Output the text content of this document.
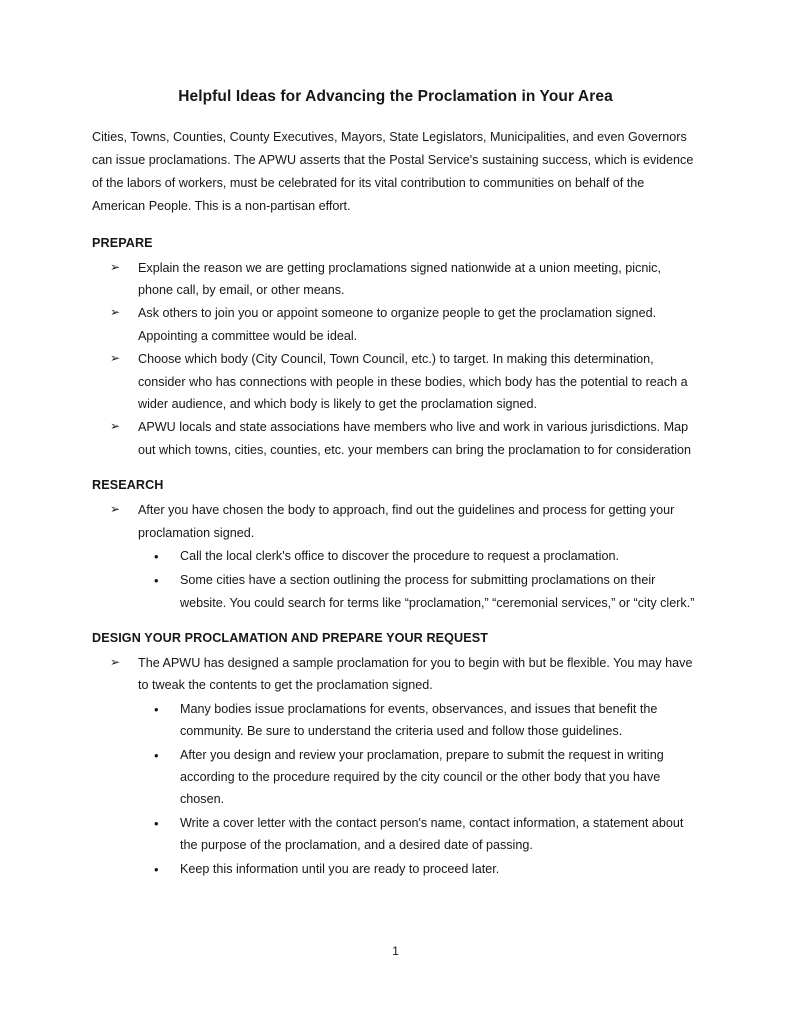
Helpful Ideas for Advancing the Proclamation in Your Area

Cities, Towns, Counties, County Executives, Mayors, State Legislators, Municipalities, and even Governors can issue proclamations. The APWU asserts that the Postal Service's sustaining success, which is evidence of the labors of workers, must be celebrated for its vital contribution to communities on behalf of the American People. This is a non-partisan effort.

PREPARE
➢	Explain the reason we are getting proclamations signed nationwide at a union meeting, picnic, phone call, by email, or other means.
➢	Ask others to join you or appoint someone to organize people to get the proclamation signed. Appointing a committee would be ideal.
➢	Choose which body (City Council, Town Council, etc.) to target. In making this determination, consider who has connections with people in these bodies, which body has the potential to reach a wider audience, and which body is likely to get the proclamation signed.
➢	APWU locals and state associations have members who live and work in various jurisdictions. Map out which towns, cities, counties, etc. your members can bring the proclamation to for consideration
RESEARCH
➢	After you have chosen the body to approach, find out the guidelines and process for getting your proclamation signed.
•	Call the local clerk's office to discover the procedure to request a proclamation.
•	Some cities have a section outlining the process for submitting proclamations on their website. You could search for terms like “proclamation,” “ceremonial services,” or “city clerk.”
DESIGN YOUR PROCLAMATION AND PREPARE YOUR REQUEST
➢	The APWU has designed a sample proclamation for you to begin with but be flexible. You may have to tweak the contents to get the proclamation signed.
•	Many bodies issue proclamations for events, observances, and issues that benefit the community. Be sure to understand the criteria used and follow those guidelines.
•	After you design and review your proclamation, prepare to submit the request in writing according to the procedure required by the city council or the other body that you have chosen.
•	Write a cover letter with the contact person's name, contact information, a statement about the purpose of the proclamation, and a desired date of passing.
•	Keep this information until you are ready to proceed later.
1
